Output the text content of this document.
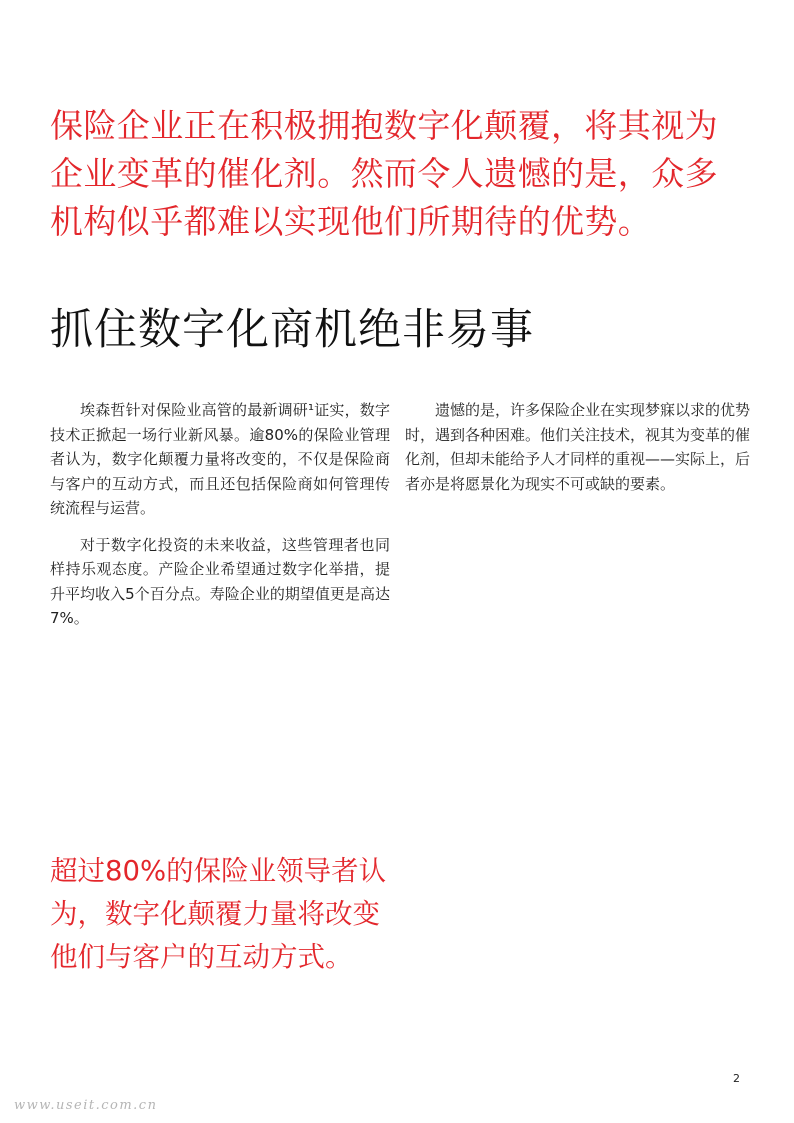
保险企业正在积极拥抱数字化颠覆，将其视为企业变革的催化剂。然而令人遗憾的是，众多机构似乎都难以实现他们所期待的优势。

抓住数字化商机绝非易事

埃森哲针对保险业高管的最新调研¹证实，数字技术正掀起一场行业新风暴。逾80%的保险业管理者认为，数字化颠覆力量将改变的，不仅是保险商与客户的互动方式，而且还包括保险商如何管理传统流程与运营。

对于数字化投资的未来收益，这些管理者也同样持乐观态度。产险企业希望通过数字化举措，提升平均收入5个百分点。寿险企业的期望值更是高达7%。

遗憾的是，许多保险企业在实现梦寐以求的优势时，遇到各种困难。他们关注技术，视其为变革的催化剂，但却未能给予人才同样的重视——实际上，后者亦是将愿景化为现实不可或缺的要素。

超过80%的保险业领导者认为，数字化颠覆力量将改变他们与客户的互动方式。

2
www.useit.com.cn
